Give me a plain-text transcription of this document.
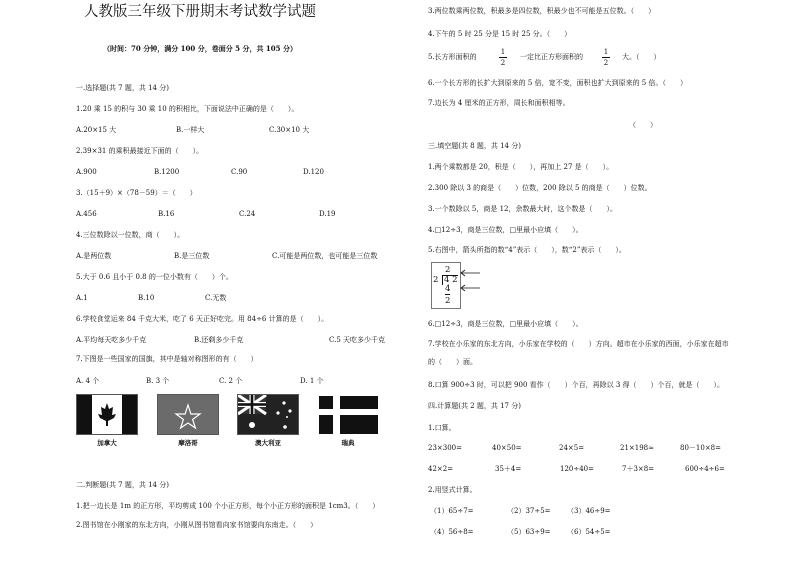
人教版三年级下册期末考试数学试题
（时间：70 分钟，满分 100 分，卷面分 5 分，共 105 分）
一.选择题(共 7 题，共 14 分)
1.20 乘 15 的积与 30 乘 10 的积相比，下面说法中正确的是（　　）。
A.20×15 大	B.一样大	C.30×10 大
2.39×31 的乘积最接近下面的（　　）。
A.900	B.1200	C.90	D.120
3.（15＋9）×（78－59）＝（　　）
A.456	B.16	C.24	D.19
4.三位数除以一位数，商（　　）。
A.是两位数	B.是三位数	C.可能是两位数，也可能是三位数
5.大于 0.6 且小于 0.8 的一位小数有（　　）个。
A.1	B.10	C.无数
6.学校食堂运来 84 千克大米，吃了 6 天正好吃完。用 84÷6 计算的是（　　）。
A.平均每天吃多少千克	B.还剩多少千克	C.5 天吃多少千克
7.下图是一些国家的国旗，其中是轴对称图形的有（　　）
A. 4 个	B. 3 个	C. 2 个	D. 1 个
加拿大	摩洛哥	澳大利亚	瑞典
二.判断题(共 7 题，共 14 分)
1.把一边长是 1m 的正方形，平均剪成 100 个小正方形，每个小正方形的面积是 1cm3。（　　）
2.图书馆在小刚家的东北方向，小刚从图书馆看向家书馆要向东南走。（　　）
3.两位数乘两位数，积最多是四位数，积最少也不可能是五位数。（　　）
4.下午的 5 时 25 分是 15 时 25 分。（　　）
5.长方形面积的
1
2
一定比正方形面积的
1
2
大。（　　）
6.一个长方形的长扩大到原来的 5 倍，宽不变，面积也扩大到原来的 5 倍。（　　）
7.边长为 4 厘米的正方形，周长和面积相等。
（　　）
三.填空题(共 8 题，共 14 分)
1.两个乘数都是 20，积是（　　），再加上 27 是（　　）。
2.300 除以 3 的商是（　　）位数，200 除以 5 的商是（　　）位数。
3.一个数除以 5，商是 12，余数最大时，这个数是（　　）。
4.□12÷3，商是三位数，□里最小应填（　　）。
5.右图中，箭头所指的数“4”表示（　　），数“2”表示（　　）。
2
2 4 2
4
2
6.□12÷3，商是三位数，□里最小应填（　　）。
7.学校在小乐家的东北方向，小乐家在学校的（　　）方向。超市在小乐家的西面，小乐家在超市
的（　　）面。
8.口算 900÷3 时，可以把 900 看作（　　）个百，再除以 3 得（　　）个百，就是（　　）。
四.计算题(共 2 题，共 17 分)
1.口算。
23×300=	40×50=	24×5=	21×198≈	80－10×8=
42×2=	35＋4=	120÷40=	7＋3×8=	600÷4÷6=
2.用竖式计算。
（1）65÷7=	（2）37÷5= （3）46÷9=
（4）56÷8=	（5）63÷9= （6）54÷5=
